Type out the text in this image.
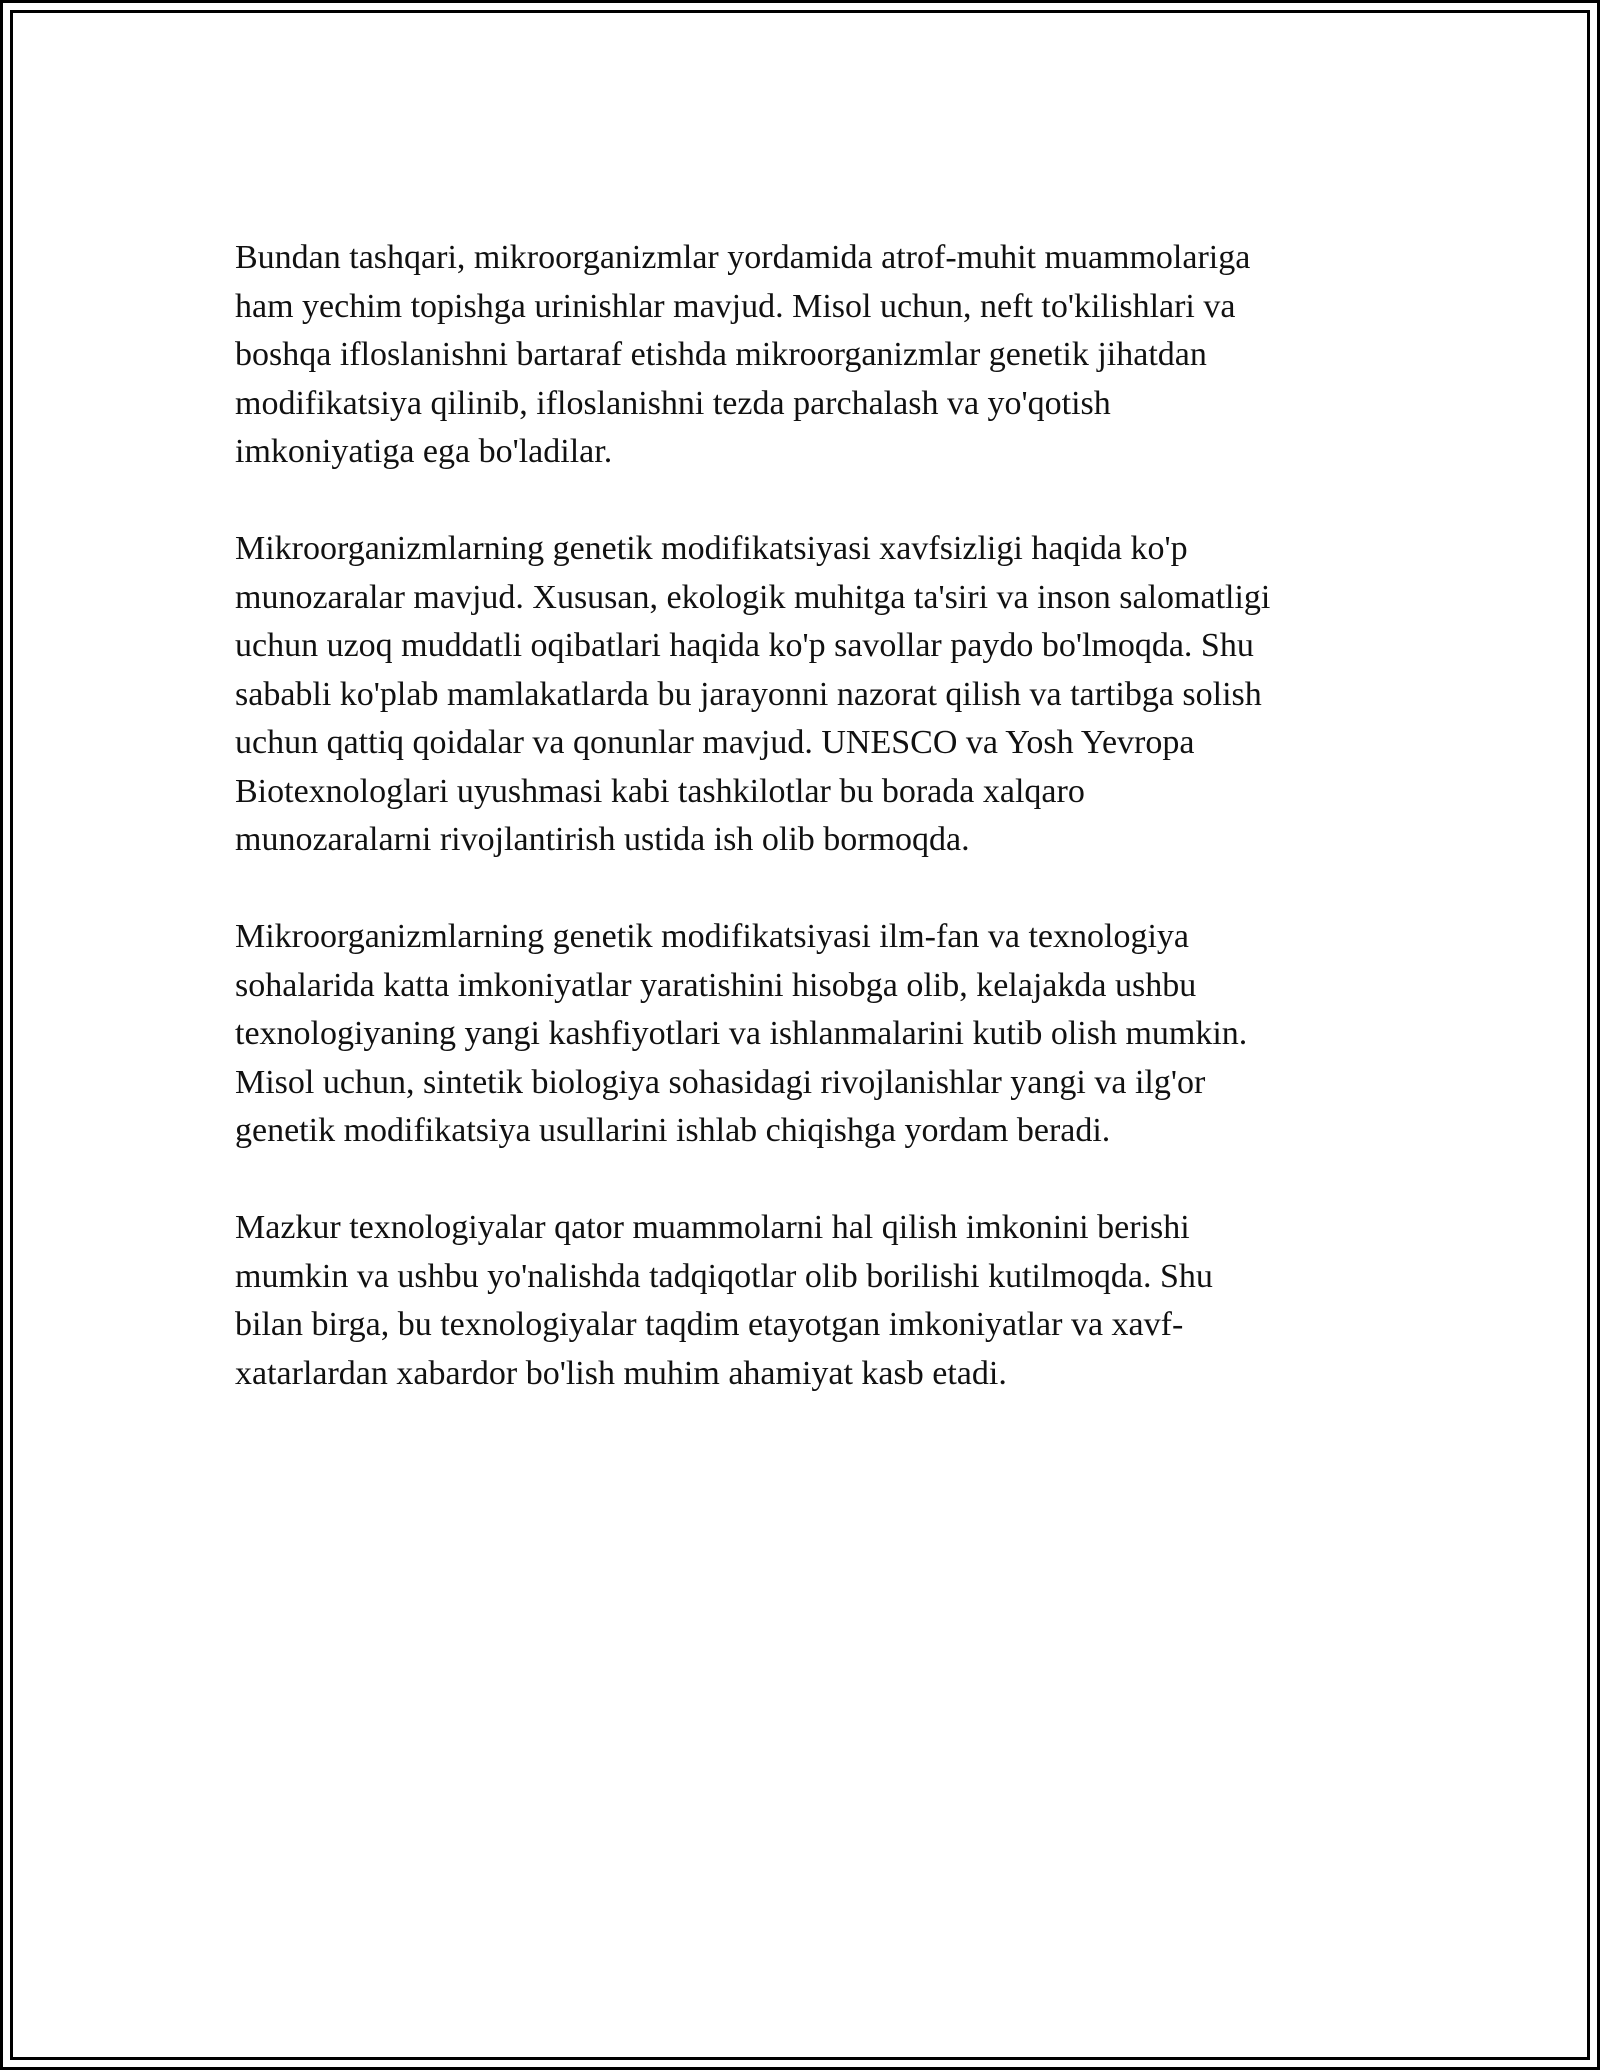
Bundan tashqari, mikroorganizmlar yordamida atrof-muhit muammolariga
ham yechim topishga urinishlar mavjud. Misol uchun, neft to'kilishlari va
boshqa ifloslanishni bartaraf etishda mikroorganizmlar genetik jihatdan
modifikatsiya qilinib, ifloslanishni tezda parchalash va yo'qotish
imkoniyatiga ega bo'ladilar.

Mikroorganizmlarning genetik modifikatsiyasi xavfsizligi haqida ko'p
munozaralar mavjud. Xususan, ekologik muhitga ta'siri va inson salomatligi
uchun uzoq muddatli oqibatlari haqida ko'p savollar paydo bo'lmoqda. Shu
sababli ko'plab mamlakatlarda bu jarayonni nazorat qilish va tartibga solish
uchun qattiq qoidalar va qonunlar mavjud. UNESCO va Yosh Yevropa
Biotexnologlari uyushmasi kabi tashkilotlar bu borada xalqaro
munozaralarni rivojlantirish ustida ish olib bormoqda.

Mikroorganizmlarning genetik modifikatsiyasi ilm-fan va texnologiya
sohalarida katta imkoniyatlar yaratishini hisobga olib, kelajakda ushbu
texnologiyaning yangi kashfiyotlari va ishlanmalarini kutib olish mumkin.
Misol uchun, sintetik biologiya sohasidagi rivojlanishlar yangi va ilg'or
genetik modifikatsiya usullarini ishlab chiqishga yordam beradi.

Mazkur texnologiyalar qator muammolarni hal qilish imkonini berishi
mumkin va ushbu yo'nalishda tadqiqotlar olib borilishi kutilmoqda. Shu
bilan birga, bu texnologiyalar taqdim etayotgan imkoniyatlar va xavf-
xatarlardan xabardor bo'lish muhim ahamiyat kasb etadi.
